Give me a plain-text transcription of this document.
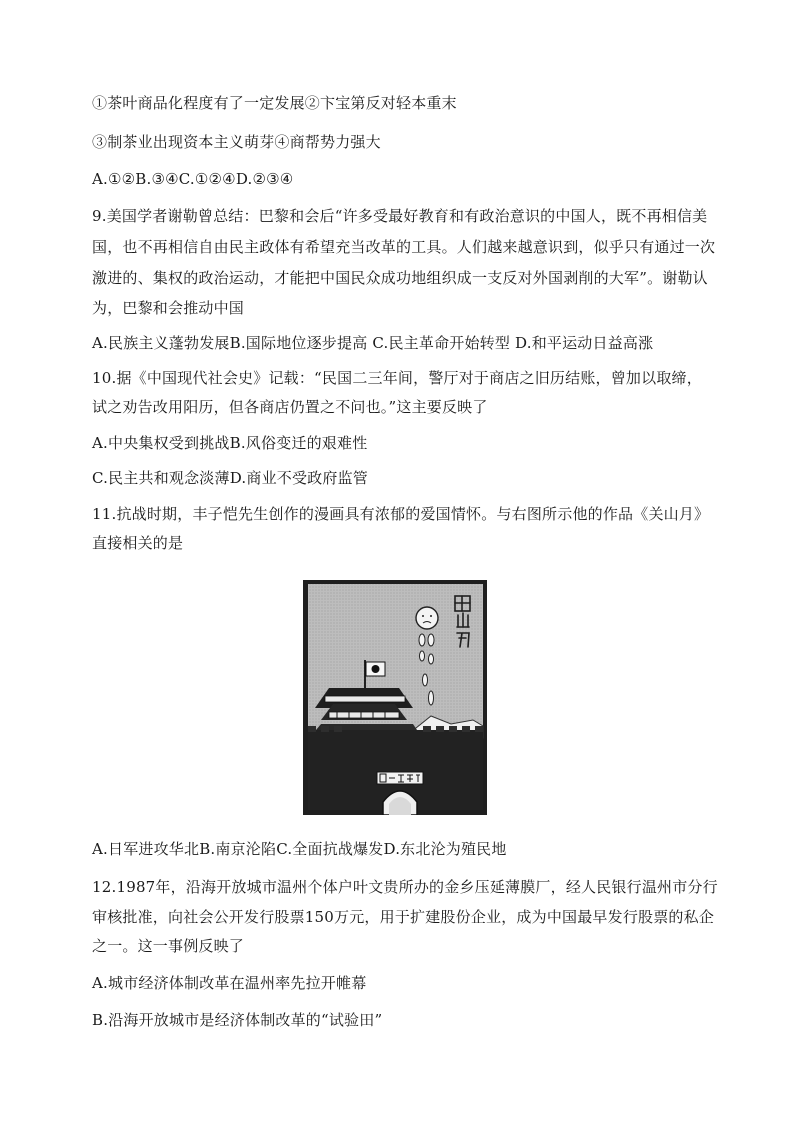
①茶叶商品化程度有了一定发展②卞宝第反对轻本重末
③制茶业出现资本主义萌芽④商帮势力强大
A.①②B.③④C.①②④D.②③④
9.美国学者谢勒曾总结：巴黎和会后“许多受最好教育和有政治意识的中国人，既不再相信美
国，也不再相信自由民主政体有希望充当改革的工具。人们越来越意识到，似乎只有通过一次
激进的、集权的政治运动，才能把中国民众成功地组织成一支反对外国剥削的大军”。谢勒认
为，巴黎和会推动中国
A.民族主义蓬勃发展B.国际地位逐步提高 C.民主革命开始转型 D.和平运动日益高涨
10.据《中国现代社会史》记载：“民国二三年间，警厅对于商店之旧历结账，曾加以取缔，
试之劝告改用阳历，但各商店仍置之不问也。”这主要反映了
A.中央集权受到挑战B.风俗变迁的艰难性
C.民主共和观念淡薄D.商业不受政府监管
11.抗战时期，丰子恺先生创作的漫画具有浓郁的爱国情怀。与右图所示他的作品《关山月》
直接相关的是
A.日军进攻华北B.南京沦陷C.全面抗战爆发D.东北沦为殖民地
12.1987年，沿海开放城市温州个体户叶文贵所办的金乡压延薄膜厂，经人民银行温州市分行
审核批准，向社会公开发行股票150万元，用于扩建股份企业，成为中国最早发行股票的私企
之一。这一事例反映了
A.城市经济体制改革在温州率先拉开帷幕
B.沿海开放城市是经济体制改革的“试验田”
